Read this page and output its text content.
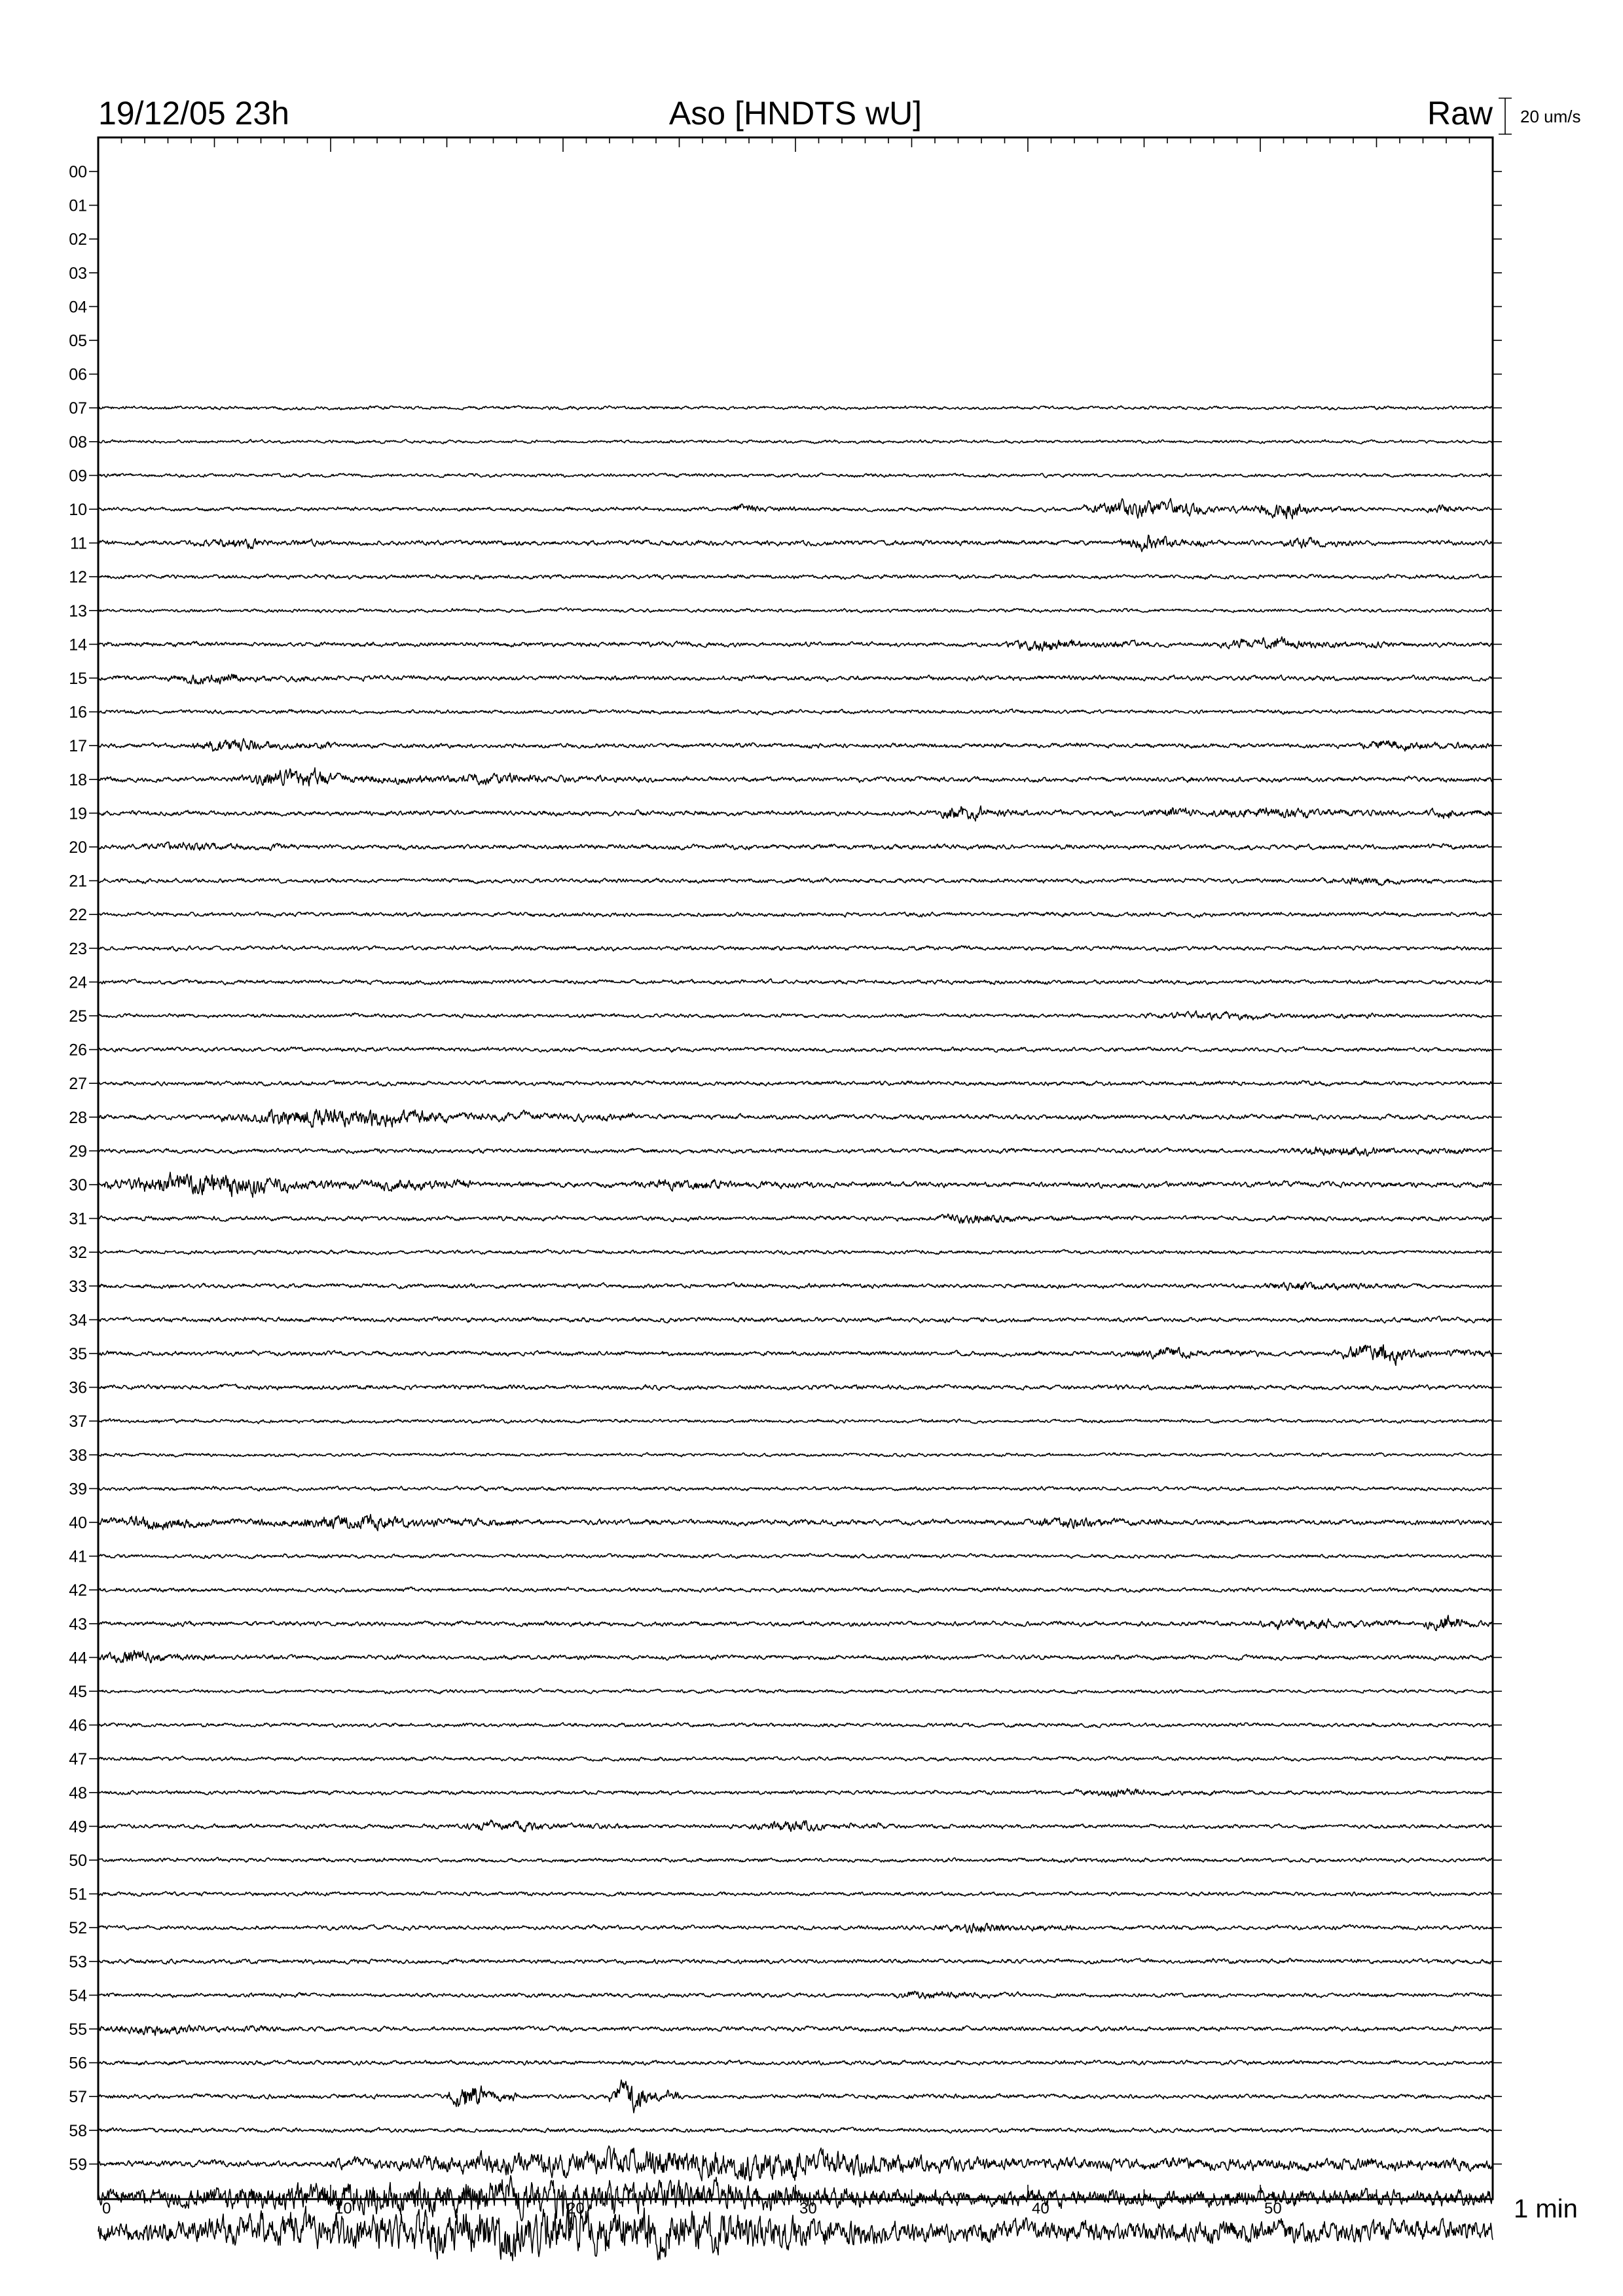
19/12/05 23h	Aso [HNDTS wU]	Raw 20 um/s
00
01
02
03
04
05
06
07
08
09
10
11
12
13
14
15
16
17
18
19
20
21
22
23
24
25
26
27
28
29
30
31
32
33
34
35
36
37
38
39
40
41
42
43
44
45
46
47
48
49
50
51
52
53
54
55
56
57
58
59
0	10	20	30	40	50	1 min
